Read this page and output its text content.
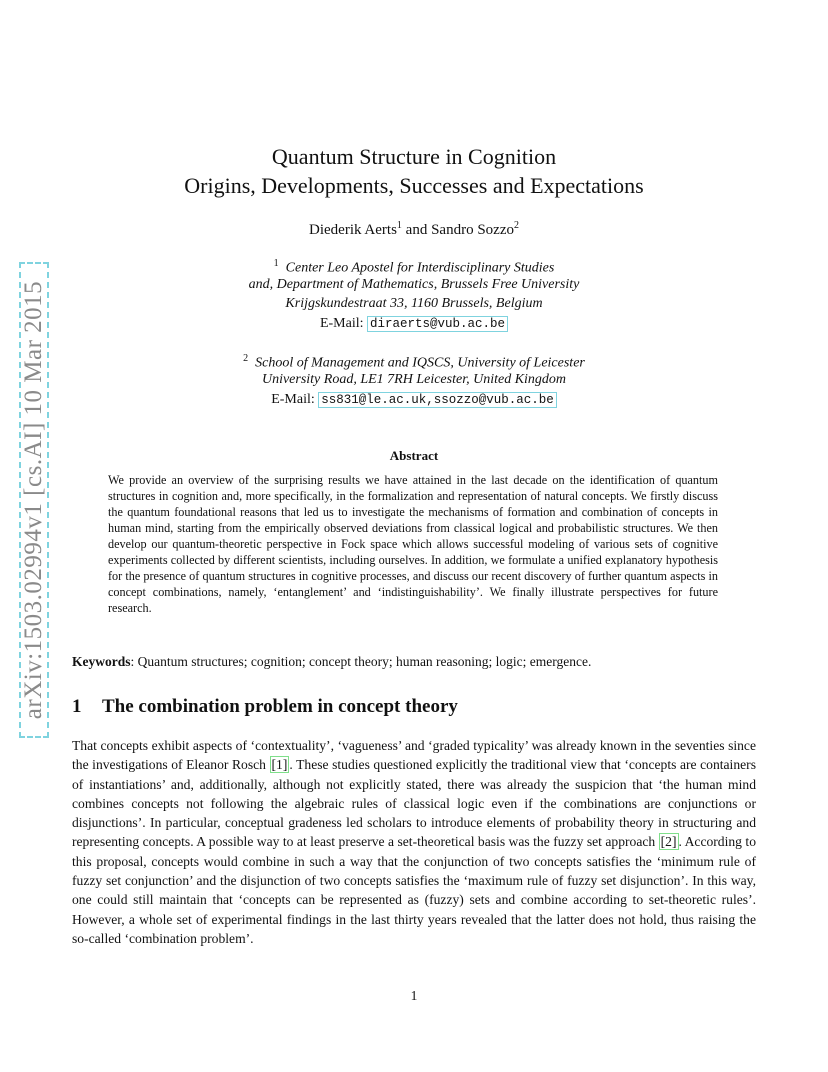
arXiv:1503.02994v1 [cs.AI] 10 Mar 2015
Quantum Structure in Cognition
Origins, Developments, Successes and Expectations
Diederik Aerts$^1$ and Sandro Sozzo$^2$
$^1$ Center Leo Apostel for Interdisciplinary Studies
and, Department of Mathematics, Brussels Free University
Krijgskundestraat 33, 1160 Brussels, Belgium
E-Mail: diraerts@vub.ac.be
$^2$ School of Management and IQSCS, University of Leicester
University Road, LE1 7RH Leicester, United Kingdom
E-Mail: ss831@le.ac.uk,ssozzo@vub.ac.be
Abstract
We provide an overview of the surprising results we have attained in the last decade on the identification of quantum structures in cognition and, more specifically, in the formalization and representation of natural concepts. We firstly discuss the quantum foundational reasons that led us to investigate the mechanisms of formation and combination of concepts in human mind, starting from the empirically observed deviations from classical logical and probabilistic structures. We then develop our quantum-theoretic perspective in Fock space which allows successful modeling of various sets of cognitive experiments collected by different scientists, including ourselves. In addition, we formulate a unified explanatory hypothesis for the presence of quantum structures in cognitive processes, and discuss our recent discovery of further quantum aspects in concept combinations, namely, ‘entanglement’ and ‘indistinguishability’. We finally illustrate perspectives for future research.
Keywords: Quantum structures; cognition; concept theory; human reasoning; logic; emergence.
1 The combination problem in concept theory
That concepts exhibit aspects of ‘contextuality’, ‘vagueness’ and ‘graded typicality’ was already known in the seventies since the investigations of Eleanor Rosch [1] . These studies questioned explicitly the traditional view that ‘concepts are containers of instantiations’ and, additionally, although not explicitly stated, there was already the suspicion that ‘the human mind combines concepts not following the algebraic rules of classical logic even if the combinations are conjunctions or disjunctions’. In particular, conceptual gradeness led scholars to introduce elements of probability theory in structuring and representing concepts. A possible way to at least preserve a set-theoretical basis was the fuzzy set approach [2] . According to this proposal, concepts would combine in such a way that the conjunction of two concepts satisfies the ‘minimum rule of fuzzy set conjunction’ and the disjunction of two concepts satisfies the ‘maximum rule of fuzzy set disjunction’. In this way, one could still maintain that ‘concepts can be represented as (fuzzy) sets and combine according to set-theoretic rules’. However, a whole set of experimental findings in the last thirty years revealed that the latter does not hold, thus raising the so-called ‘combination problem’.
1
